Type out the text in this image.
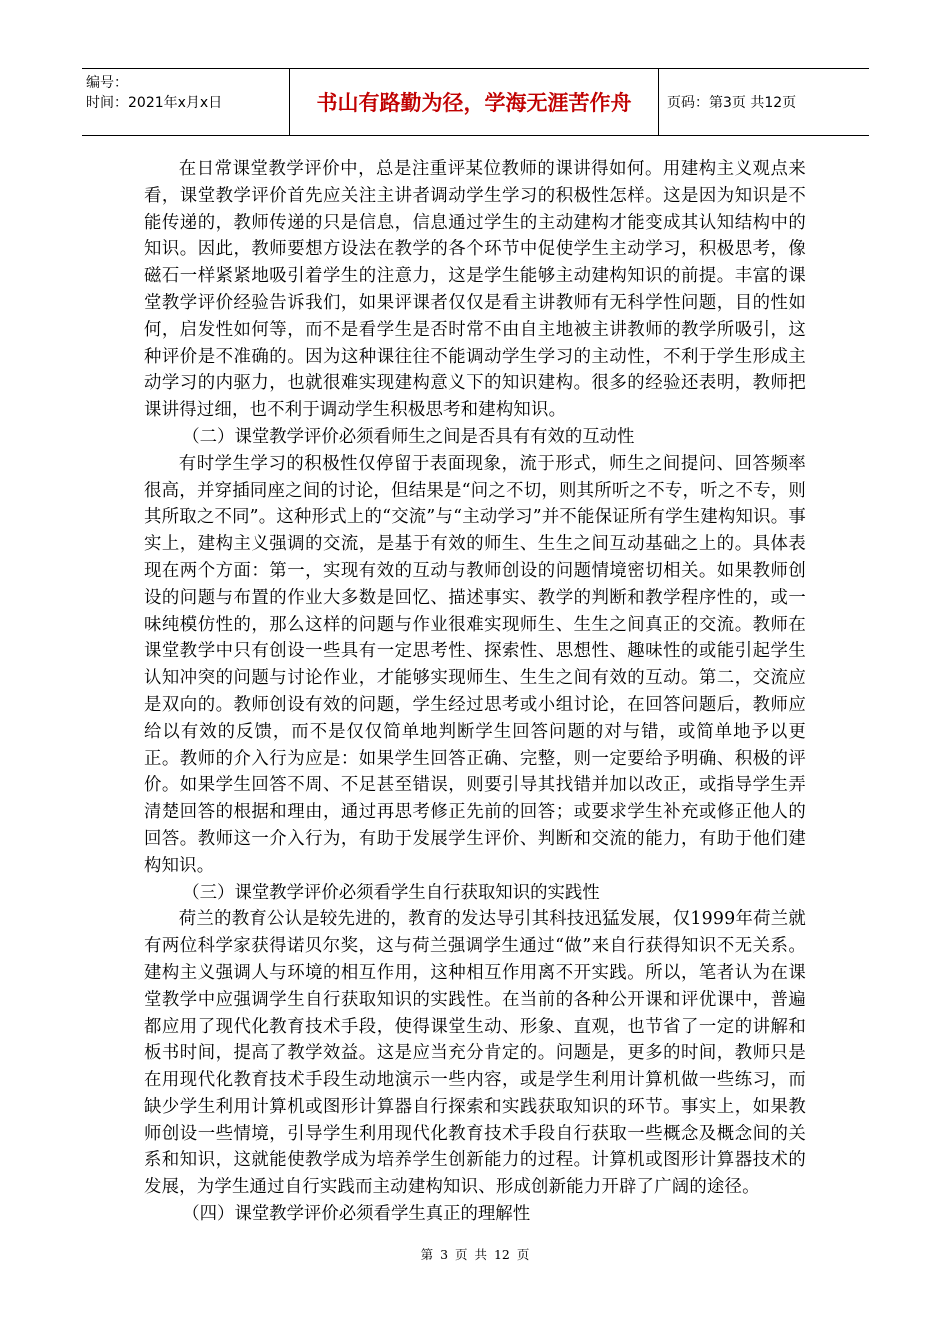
编号：
时间：2021年x月x日	书山有路勤为径，学海无涯苦作舟	页码：第3页 共12页

在日常课堂教学评价中，总是注重评某位教师的课讲得如何。用建构主义观点来看，课堂教学评价首先应关注主讲者调动学生学习的积极性怎样。这是因为知识是不能传递的，教师传递的只是信息，信息通过学生的主动建构才能变成其认知结构中的知识。因此，教师要想方设法在教学的各个环节中促使学生主动学习，积极思考，像磁石一样紧紧地吸引着学生的注意力，这是学生能够主动建构知识的前提。丰富的课堂教学评价经验告诉我们，如果评课者仅仅是看主讲教师有无科学性问题，目的性如何，启发性如何等，而不是看学生是否时常不由自主地被主讲教师的教学所吸引，这种评价是不准确的。因为这种课往往不能调动学生学习的主动性，不利于学生形成主动学习的内驱力，也就很难实现建构意义下的知识建构。很多的经验还表明，教师把课讲得过细，也不利于调动学生积极思考和建构知识。

（二）课堂教学评价必须看师生之间是否具有有效的互动性

有时学生学习的积极性仅停留于表面现象，流于形式，师生之间提问、回答频率很高，并穿插同座之间的讨论，但结果是“问之不切，则其所听之不专，听之不专，则其所取之不同”。这种形式上的“交流”与“主动学习”并不能保证所有学生建构知识。事实上，建构主义强调的交流，是基于有效的师生、生生之间互动基础之上的。具体表现在两个方面：第一，实现有效的互动与教师创设的问题情境密切相关。如果教师创设的问题与布置的作业大多数是回忆、描述事实、教学的判断和教学程序性的，或一味纯模仿性的，那么这样的问题与作业很难实现师生、生生之间真正的交流。教师在课堂教学中只有创设一些具有一定思考性、探索性、思想性、趣味性的或能引起学生认知冲突的问题与讨论作业，才能够实现师生、生生之间有效的互动。第二，交流应是双向的。教师创设有效的问题，学生经过思考或小组讨论，在回答问题后，教师应给以有效的反馈，而不是仅仅简单地判断学生回答问题的对与错，或简单地予以更正。教师的介入行为应是：如果学生回答正确、完整，则一定要给予明确、积极的评价。如果学生回答不周、不足甚至错误，则要引导其找错并加以改正，或指导学生弄清楚回答的根据和理由，通过再思考修正先前的回答；或要求学生补充或修正他人的回答。教师这一介入行为，有助于发展学生评价、判断和交流的能力，有助于他们建构知识。

（三）课堂教学评价必须看学生自行获取知识的实践性

荷兰的教育公认是较先进的，教育的发达导引其科技迅猛发展，仅1999年荷兰就有两位科学家获得诺贝尔奖，这与荷兰强调学生通过“做”来自行获得知识不无关系。建构主义强调人与环境的相互作用，这种相互作用离不开实践。所以，笔者认为在课堂教学中应强调学生自行获取知识的实践性。在当前的各种公开课和评优课中，普遍都应用了现代化教育技术手段，使得课堂生动、形象、直观，也节省了一定的讲解和板书时间，提高了教学效益。这是应当充分肯定的。问题是，更多的时间，教师只是在用现代化教育技术手段生动地演示一些内容，或是学生利用计算机做一些练习，而缺少学生利用计算机或图形计算器自行探索和实践获取知识的环节。事实上，如果教师创设一些情境，引导学生利用现代化教育技术手段自行获取一些概念及概念间的关系和知识，这就能使教学成为培养学生创新能力的过程。计算机或图形计算器技术的发展，为学生通过自行实践而主动建构知识、形成创新能力开辟了广阔的途径。

（四）课堂教学评价必须看学生真正的理解性

第 3 页 共 12 页
